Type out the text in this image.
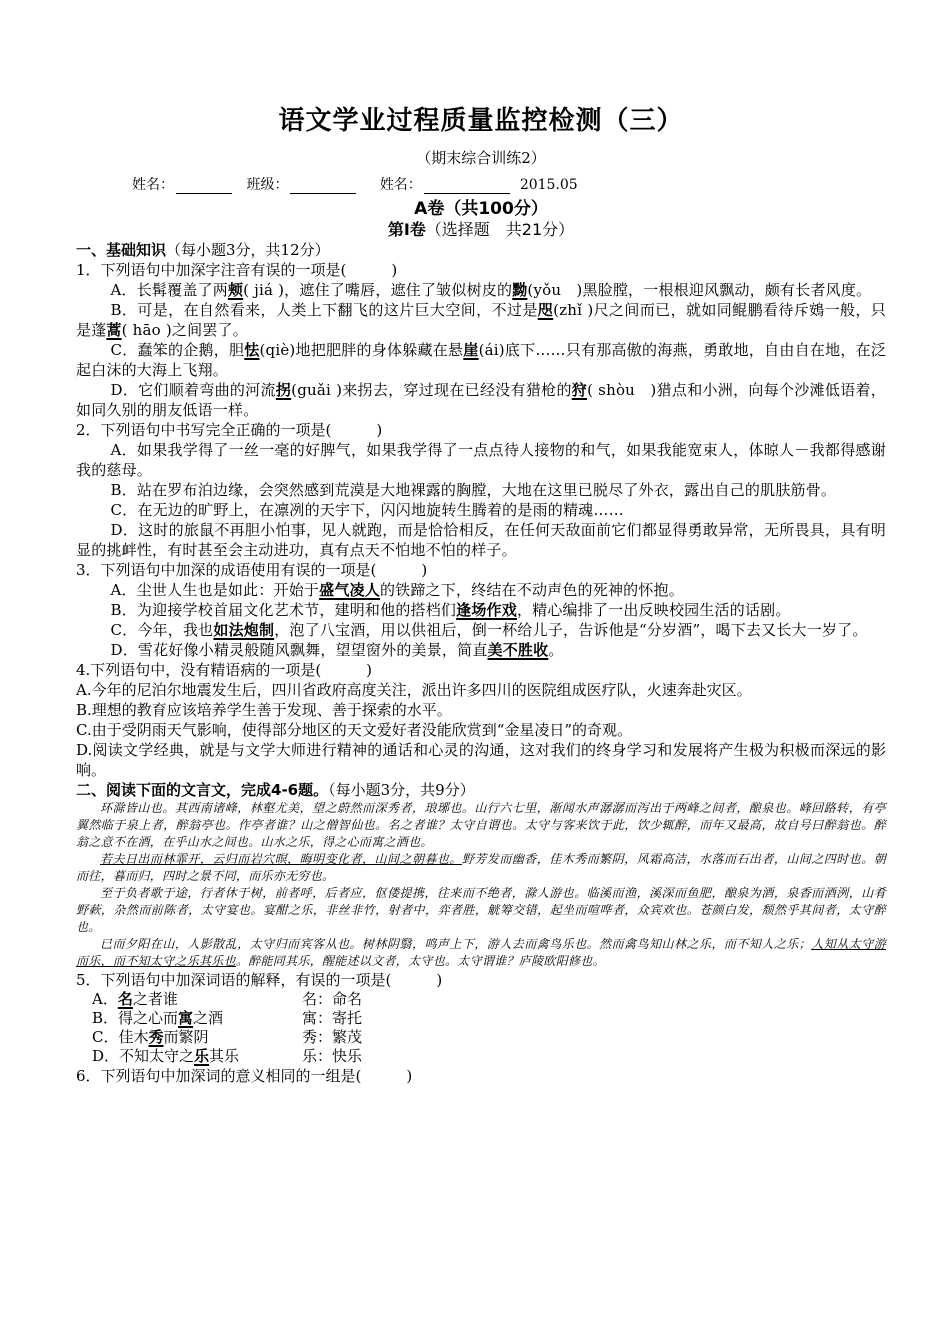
语文学业过程质量监控检测（三）

（期末综合训练2）

姓名：	班级：	姓名：	2015.05

A卷（共100分）

第Ⅰ卷（选择题　共21分）

一、基础知识（每小题3分，共12分）

1．下列语句中加深字注音有误的一项是(　　　)

A．长髯覆盖了两颊( jiá )，遮住了嘴唇，遮住了皱似树皮的黝(yǒu　)黑脸膛，一根根迎风飘动，颇有长者风度。

B．可是，在自然看来，人类上下翻飞的这片巨大空间，不过是咫(zhǐ )尺之间而已，就如同鲲鹏看待斥鴳一般，只是蓬蒿( hāo )之间罢了。

C．蠢笨的企鹅，胆怯(qiè)地把肥胖的身体躲藏在悬崖(ái)底下……只有那高傲的海燕，勇敢地，自由自在地，在泛起白沫的大海上飞翔。

D．它们顺着弯曲的河流拐(guǎi )来拐去，穿过现在已经没有猎枪的狩( shòu　)猎点和小洲，向每个沙滩低语着，如同久别的朋友低语一样。

2．下列语句中书写完全正确的一项是(　　　)

A．如果我学得了一丝一毫的好脾气，如果我学得了一点点待人接物的和气，如果我能宽束人，体晾人－我都得感谢我的慈母。

B．站在罗布泊边缘，会突然感到荒漠是大地裸露的胸膛，大地在这里已脱尽了外衣，露出自己的肌肤筋骨。

C．在无边的旷野上，在凛冽的天宇下，闪闪地旋转生腾着的是雨的精魂……

D．这时的旅鼠不再胆小怕事，见人就跑，而是恰恰相反，在任何天敌面前它们都显得勇敢异常，无所畏具，具有明显的挑衅性，有时甚至会主动进功，真有点天不怕地不怕的样子。

3．下列语句中加深的成语使用有误的一项是(　　　)

A．尘世人生也是如此：开始于盛气凌人的铁蹄之下，终结在不动声色的死神的怀抱。

B．为迎接学校首届文化艺术节，建明和他的搭档们逢场作戏，精心编排了一出反映校园生活的话剧。

C．今年，我也如法炮制，泡了八宝酒，用以供祖后，倒一杯给儿子，告诉他是“分岁酒”，喝下去又长大一岁了。

D．雪花好像小精灵般随风飘舞，望望窗外的美景，简直美不胜收。

4.下列语句中，没有精语病的一项是(　　　)

A.今年的尼泊尔地震发生后，四川省政府高度关注，派出许多四川的医院组成医疗队，火速奔赴灾区。

B.理想的教育应该培养学生善于发现、善于探索的水平。

C.由于受阴雨天气影响，使得部分地区的天文爱好者没能欣赏到“金星凌日”的奇观。

D.阅读文学经典，就是与文学大师进行精神的通话和心灵的沟通，这对我们的终身学习和发展将产生极为积极而深远的影响。

二、阅读下面的文言文，完成4-6题。（每小题3分，共9分）

环滁皆山也。其西南诸峰，林壑尤美，望之蔚然而深秀者，琅琊也。山行六七里，渐闻水声潺潺而泻出于两峰之间者，酿泉也。峰回路转，有亭翼然临于泉上者，醉翁亭也。作亭者谁？山之僧智仙也。名之者谁？太守自谓也。太守与客来饮于此，饮少辄醉，而年又最高，故自号曰醉翁也。醉翁之意不在酒，在乎山水之间也。山水之乐，得之心而寓之酒也。

若夫日出而林霏开，云归而岩穴暝，晦明变化者，山间之朝暮也。野芳发而幽香，佳木秀而繁阴，风霜高洁，水落而石出者，山间之四时也。朝而往，暮而归，四时之景不同，而乐亦无穷也。

至于负者歌于途，行者休于树，前者呼，后者应，伛偻提携，往来而不绝者，滁人游也。临溪而渔，溪深而鱼肥，酿泉为酒，泉香而酒洌，山肴野蔌，杂然而前陈者，太守宴也。宴酣之乐，非丝非竹，射者中，弈者胜，觥筹交错，起坐而喧哗者，众宾欢也。苍颜白发，颓然乎其间者，太守醉也。

已而夕阳在山，人影散乱，太守归而宾客从也。树林阴翳，鸣声上下，游人去而禽鸟乐也。然而禽鸟知山林之乐，而不知人之乐；人知从太守游而乐，而不知太守之乐其乐也。醉能同其乐，醒能述以文者，太守也。太守谓谁？庐陵欧阳修也。

5．下列语句中加深词语的解释，有误的一项是(　　　)

A．名之者谁	名：命名
B．得之心而寓之酒	寓：寄托
C．佳木秀而繁阴	秀：繁茂
D．不知太守之乐其乐	乐：快乐

6．下列语句中加深词的意义相同的一组是(　　　)
